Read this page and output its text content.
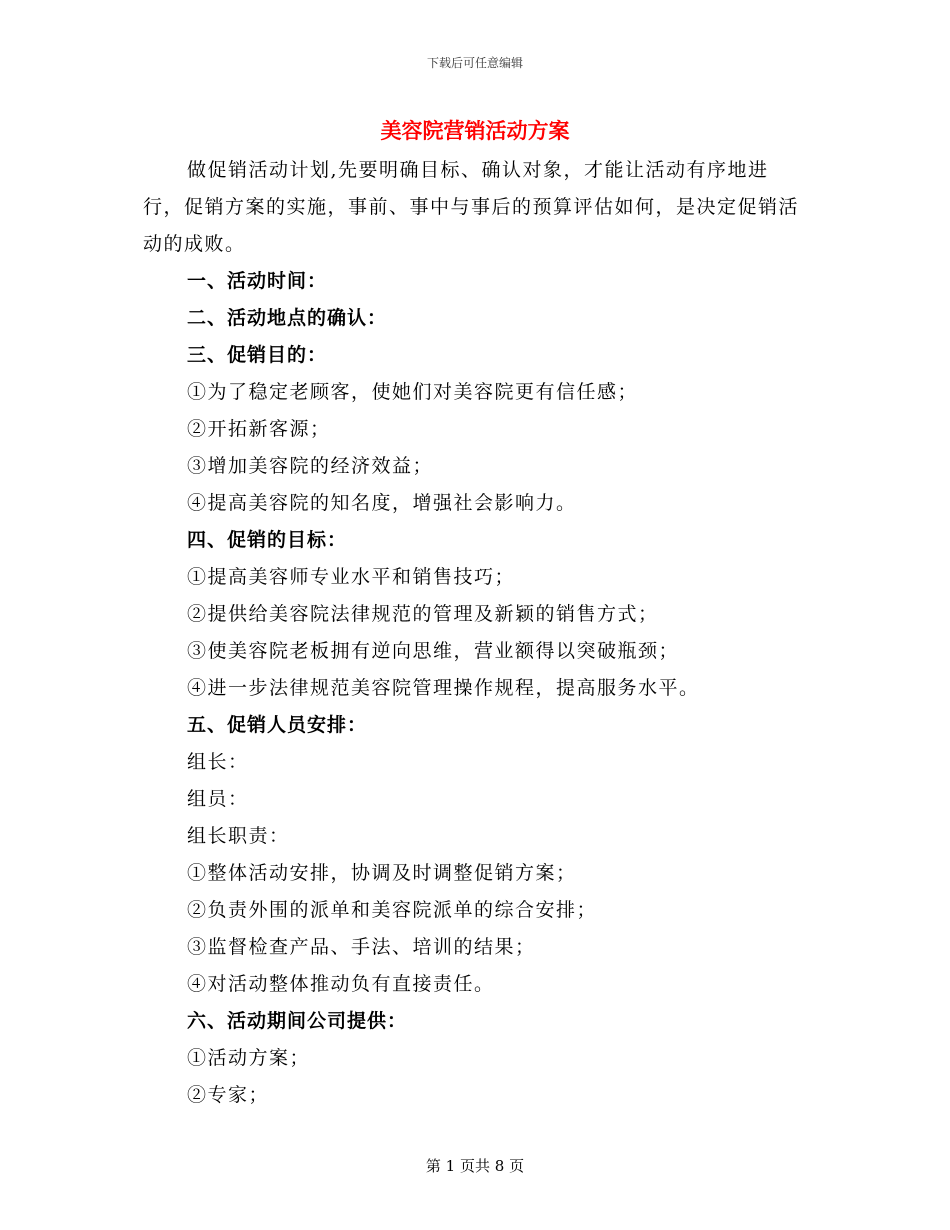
下载后可任意编辑
美容院营销活动方案

做促销活动计划,先要明确目标、确认对象，才能让活动有序地进行，促销方案的实施，事前、事中与事后的预算评估如何，是决定促销活动的成败。

一、活动时间：
二、活动地点的确认：
三、促销目的：
①为了稳定老顾客，使她们对美容院更有信任感；
②开拓新客源；
③增加美容院的经济效益；
④提高美容院的知名度，增强社会影响力。
四、促销的目标：
①提高美容师专业水平和销售技巧；
②提供给美容院法律规范的管理及新颖的销售方式；
③使美容院老板拥有逆向思维，营业额得以突破瓶颈；
④进一步法律规范美容院管理操作规程，提高服务水平。
五、促销人员安排：
组长：
组员：
组长职责：
①整体活动安排，协调及时调整促销方案；
②负责外围的派单和美容院派单的综合安排；
③监督检查产品、手法、培训的结果；
④对活动整体推动负有直接责任。
六、活动期间公司提供：
①活动方案；
②专家；
第 1 页共 8 页
